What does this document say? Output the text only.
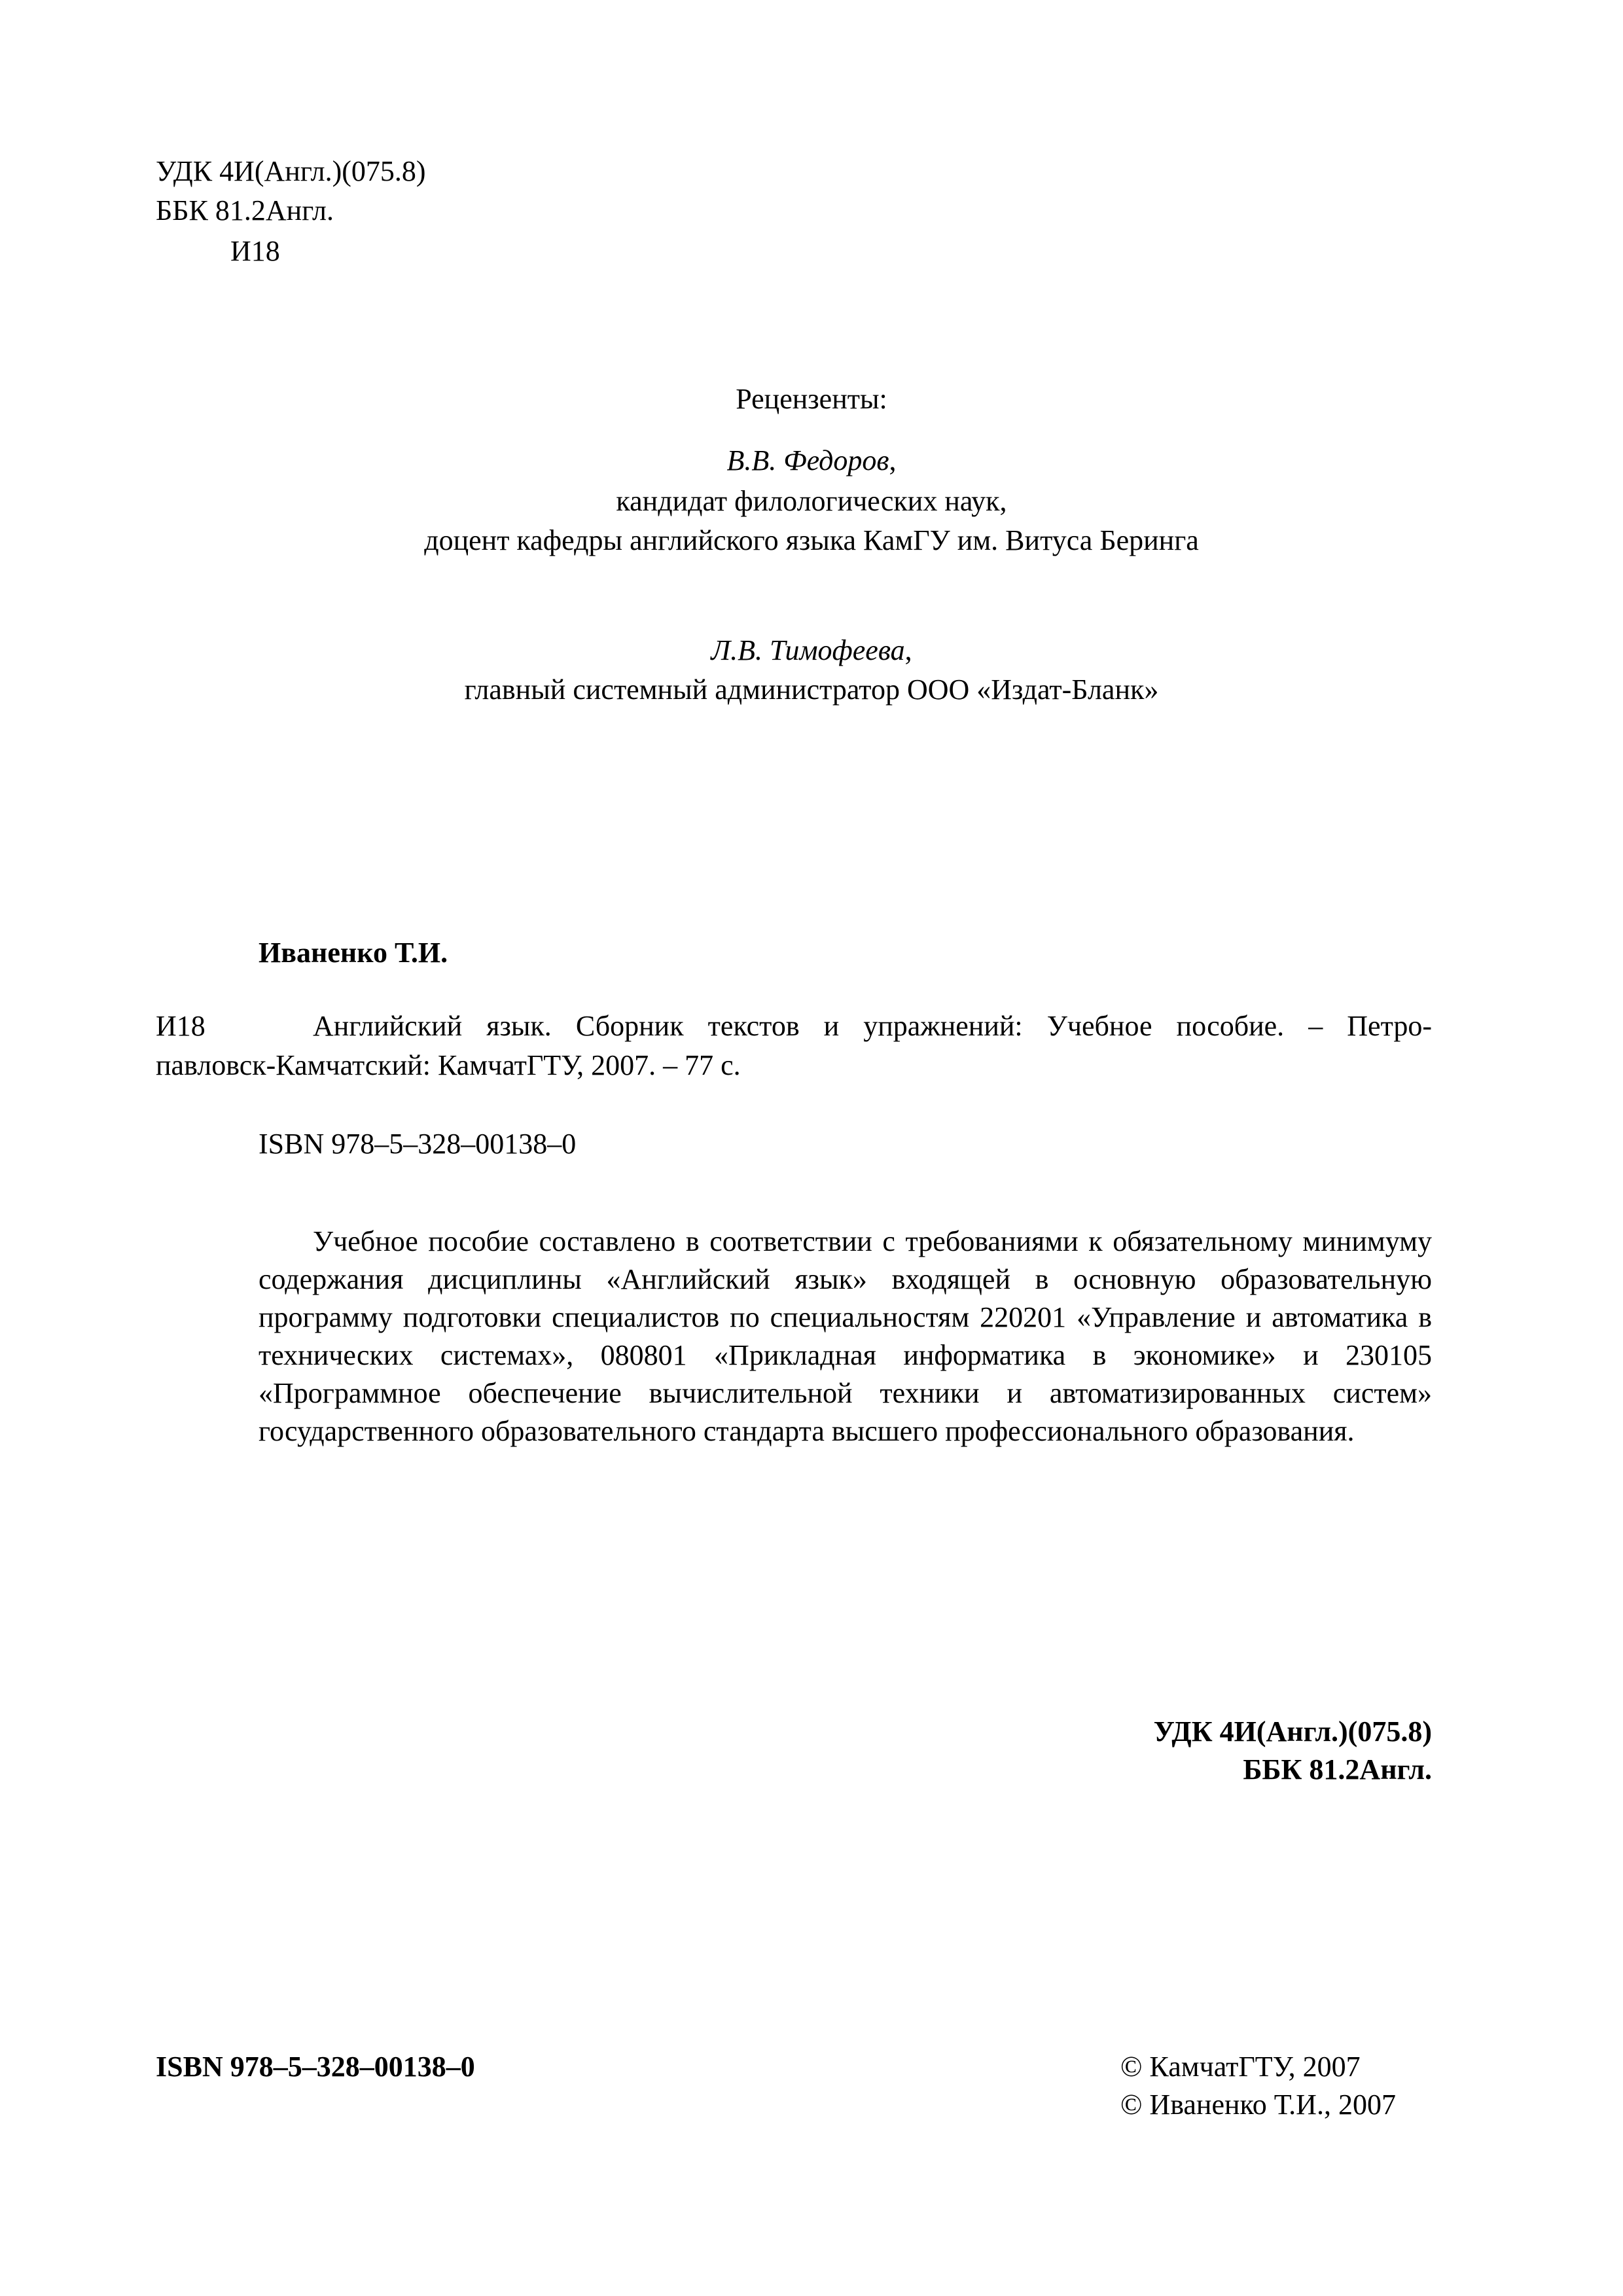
УДК 4И(Англ.)(075.8)
ББК 81.2Англ.
И18
Рецензенты:
В.В. Федоров,
кандидат филологических наук,
доцент кафедры английского языка КамГУ им. Витуса Беринга
Л.В. Тимофеева,
главный системный администратор ООО «Издат-Бланк»
Иваненко Т.И.
И18	Английский язык. Сборник текстов и упражнений: Учебное пособие. – Петро-
павловск-Камчатский: КамчатГТУ, 2007. – 77 с.
ISBN 978–5–328–00138–0
Учебное пособие составлено в соответствии с требованиями к обязательному минимуму содержания дисциплины «Английский язык» входящей в основную образовательную программу подготовки специалистов по специальностям 220201 «Управление и автоматика в технических системах», 080801 «Прикладная информатика в экономике» и 230105 «Программное обеспечение вычислительной техники и автоматизированных систем» государственного образовательного стандарта высшего профессионального образования.
УДК 4И(Англ.)(075.8)
ББК 81.2Англ.
ISBN 978–5–328–00138–0	© КамчатГТУ, 2007
© Иваненко Т.И., 2007
